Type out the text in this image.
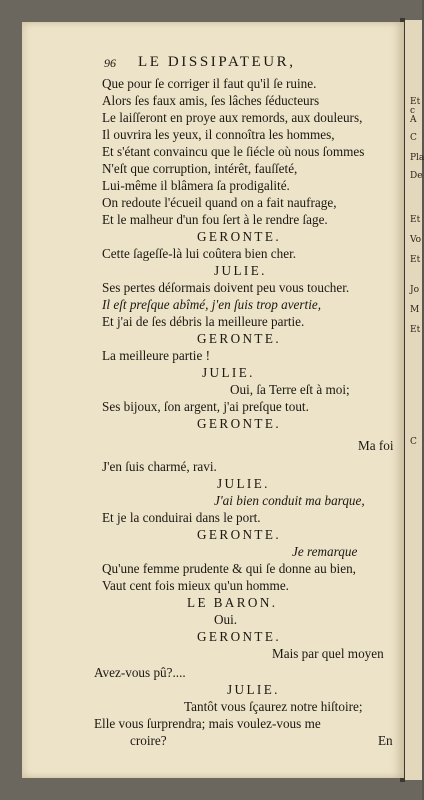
Et c
A
C
Pla
De
Et
Vo
Et
Jo
M
Et
C
96 LE DISSIPATEUR,
Que pour ſe corriger il faut qu'il ſe ruine.
Alors ſes faux amis, ſes lâches ſéducteurs
Le laiſſeront en proye aux remords, aux douleurs,
Il ouvrira les yeux, il connoîtra les hommes,
Et s'étant convaincu que le ſiécle où nous ſommes
N'eſt que corruption, intérêt, fauſſeté,
Lui-même il blâmera ſa prodigalité.
On redoute l'écueil quand on a fait naufrage,
Et le malheur d'un fou ſert à le rendre ſage.
GERONTE.
Cette ſageſſe-là lui coûtera bien cher.
JULIE.
Ses pertes déſormais doivent peu vous toucher.
Il eſt preſque abîmé, j'en ſuis trop avertie,
Et j'ai de ſes débris la meilleure partie.
GERONTE.
La meilleure partie !
JULIE.
Oui, ſa Terre eſt à moi;
Ses bijoux, ſon argent, j'ai preſque tout.
GERONTE.
Ma foi
J'en ſuis charmé, ravi.
JULIE.
J'ai bien conduit ma barque,
Et je la conduirai dans le port.
GERONTE.
Je remarque
Qu'une femme prudente & qui ſe donne au bien,
Vaut cent fois mieux qu'un homme.
LE BARON.
Oui.
GERONTE.
Mais par quel moyen
Avez-vous pû?....
JULIE.
Tantôt vous ſçaurez notre hiſtoire;
Elle vous ſurprendra; mais voulez-vous me
croire?	En
